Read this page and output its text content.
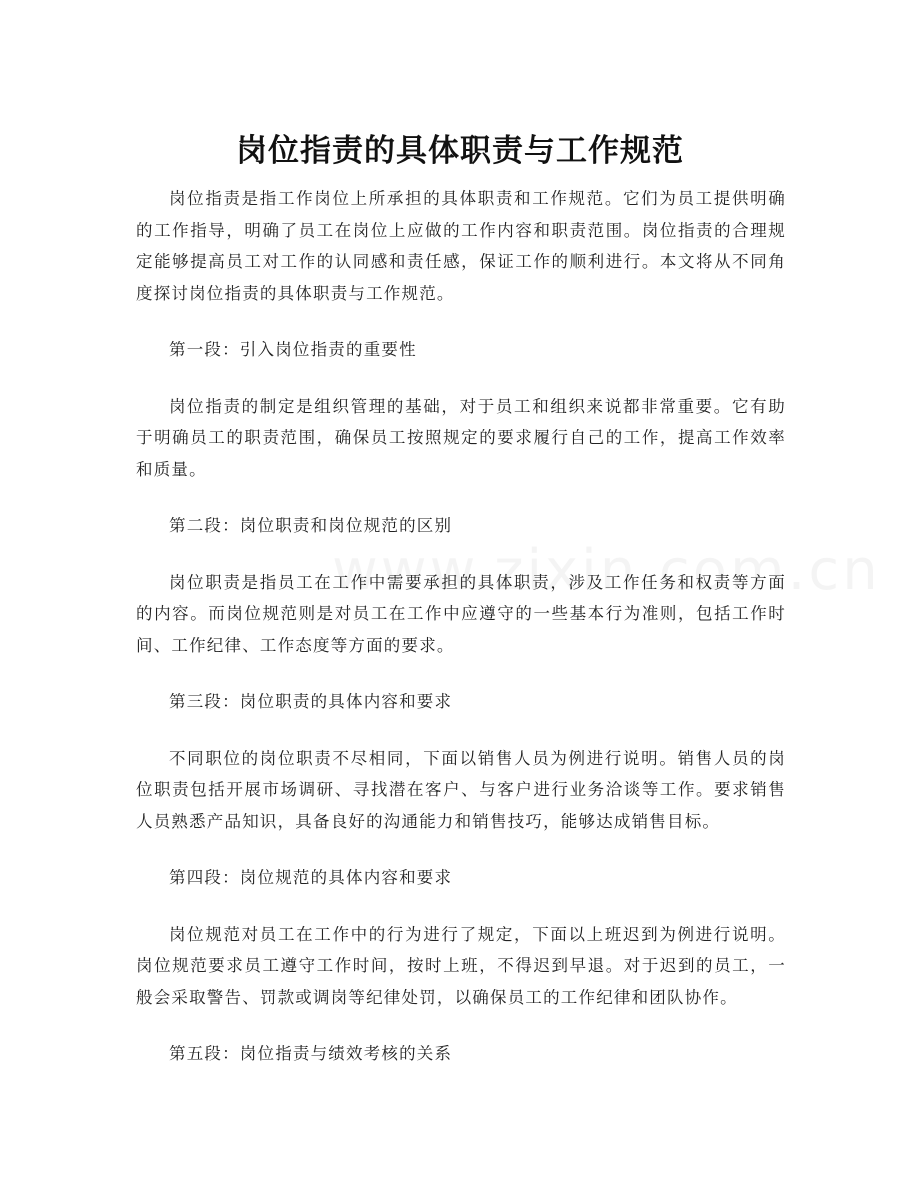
岗位指责的具体职责与工作规范

岗位指责是指工作岗位上所承担的具体职责和工作规范。它们为员工提供明确的工作指导，明确了员工在岗位上应做的工作内容和职责范围。岗位指责的合理规定能够提高员工对工作的认同感和责任感，保证工作的顺利进行。本文将从不同角度探讨岗位指责的具体职责与工作规范。

第一段：引入岗位指责的重要性

岗位指责的制定是组织管理的基础，对于员工和组织来说都非常重要。它有助于明确员工的职责范围，确保员工按照规定的要求履行自己的工作，提高工作效率和质量。

第二段：岗位职责和岗位规范的区别

岗位职责是指员工在工作中需要承担的具体职责，涉及工作任务和权责等方面的内容。而岗位规范则是对员工在工作中应遵守的一些基本行为准则，包括工作时间、工作纪律、工作态度等方面的要求。

第三段：岗位职责的具体内容和要求

不同职位的岗位职责不尽相同，下面以销售人员为例进行说明。销售人员的岗位职责包括开展市场调研、寻找潜在客户、与客户进行业务洽谈等工作。要求销售人员熟悉产品知识，具备良好的沟通能力和销售技巧，能够达成销售目标。

第四段：岗位规范的具体内容和要求

岗位规范对员工在工作中的行为进行了规定，下面以上班迟到为例进行说明。岗位规范要求员工遵守工作时间，按时上班，不得迟到早退。对于迟到的员工，一般会采取警告、罚款或调岗等纪律处罚，以确保员工的工作纪律和团队协作。

第五段：岗位指责与绩效考核的关系
